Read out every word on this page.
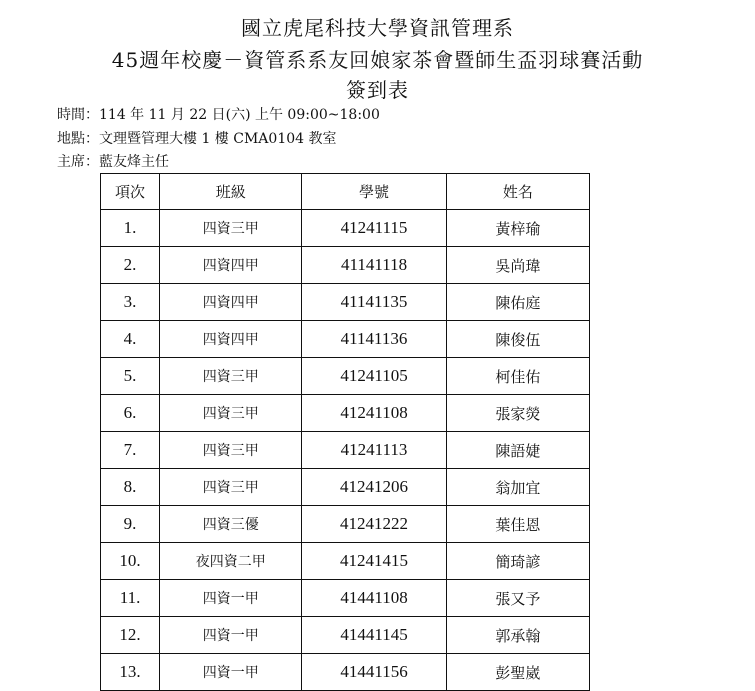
國立虎尾科技大學資訊管理系
45週年校慶－資管系系友回娘家茶會暨師生盃羽球賽活動
簽到表
時間：114 年 11 月 22 日(六) 上午 09:00~18:00
地點：文理暨管理大樓 1 樓 CMA0104 教室
主席：藍友烽主任
項次	班級	學號	姓名
1.	四資三甲	41241115	黃梓瑜
2.	四資四甲	41141118	吳尚瑋
3.	四資四甲	41141135	陳佑庭
4.	四資四甲	41141136	陳俊伍
5.	四資三甲	41241105	柯佳佑
6.	四資三甲	41241108	張家熒
7.	四資三甲	41241113	陳語婕
8.	四資三甲	41241206	翁加宜
9.	四資三優	41241222	葉佳恩
10.	夜四資二甲	41241415	簡琦諺
11.	四資一甲	41441108	張又予
12.	四資一甲	41441145	郭承翰
13.	四資一甲	41441156	彭聖崴
